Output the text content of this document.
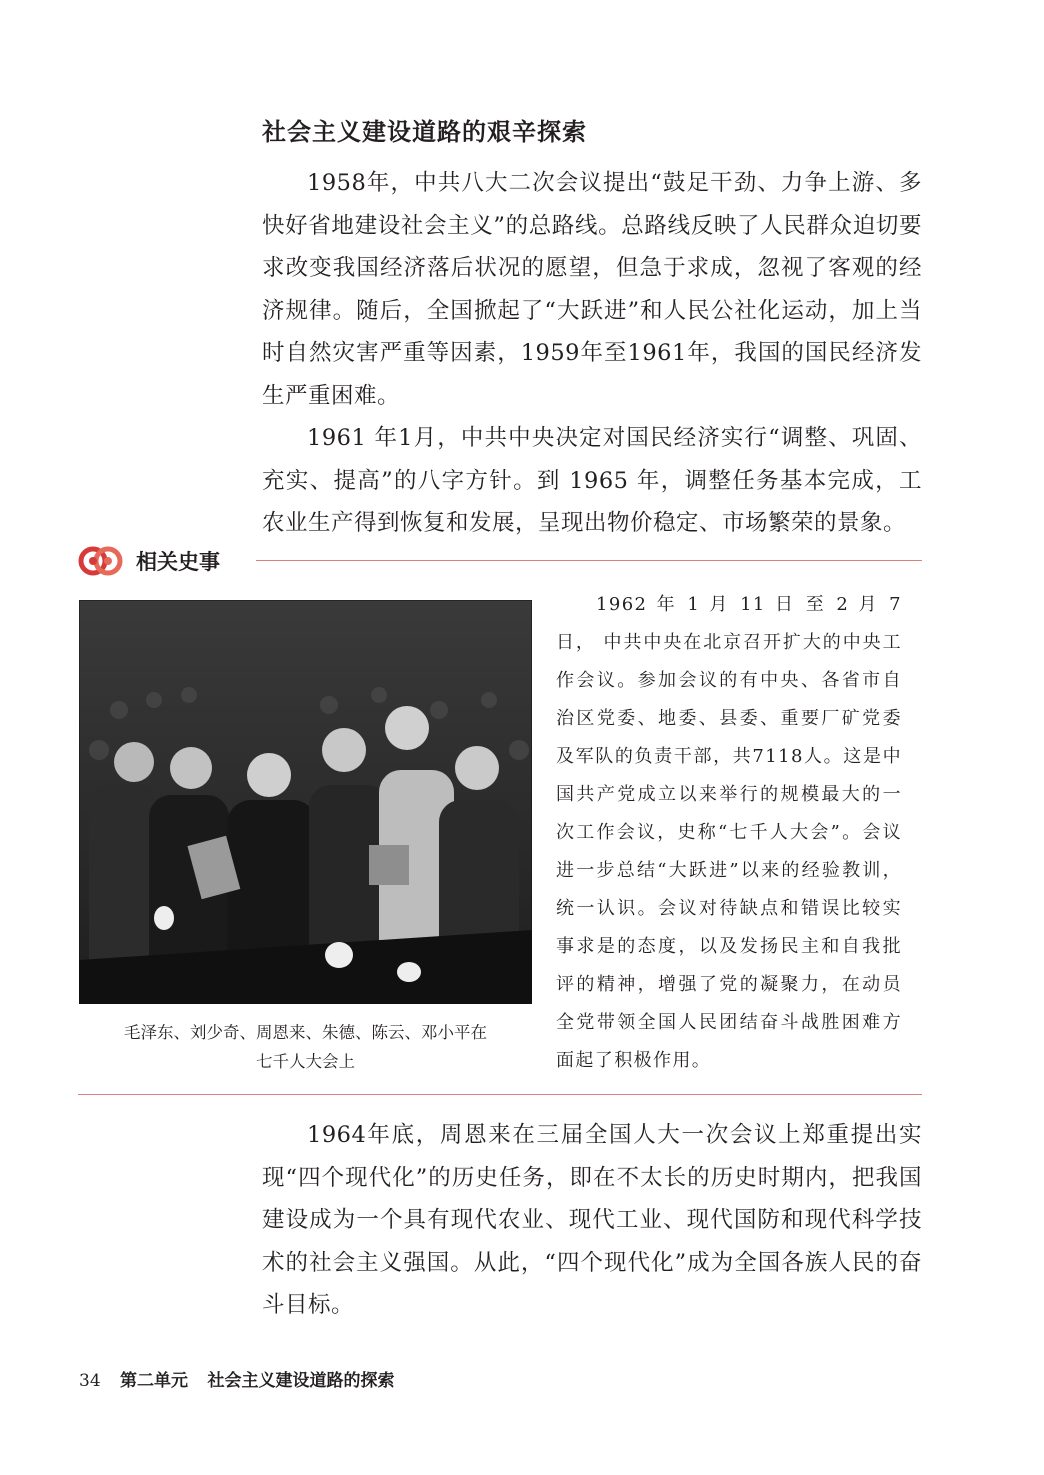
社会主义建设道路的艰辛探索

1958年，中共八大二次会议提出“鼓足干劲、力争上游、多快好省地建设社会主义”的总路线。总路线反映了人民群众迫切要求改变我国经济落后状况的愿望，但急于求成，忽视了客观的经济规律。随后，全国掀起了“大跃进”和人民公社化运动，加上当时自然灾害严重等因素，1959年至1961年，我国的国民经济发生严重困难。

1961 年1月，中共中央决定对国民经济实行“调整、巩固、充实、提高”的八字方针。到 1965 年，调整任务基本完成，工农业生产得到恢复和发展，呈现出物价稳定、市场繁荣的景象。

相关史事

毛泽东、刘少奇、周恩来、朱德、陈云、邓小平在
七千人大会上

1962 年 1 月 11 日 至 2 月 7 日， 中共中央在北京召开扩大的中央工作会议。参加会议的有中央、各省市自治区党委、地委、县委、重要厂矿党委及军队的负责干部，共7118人。这是中国共产党成立以来举行的规模最大的一次工作会议，史称“七千人大会”。会议进一步总结“大跃进”以来的经验教训，统一认识。会议对待缺点和错误比较实事求是的态度，以及发扬民主和自我批评的精神，增强了党的凝聚力，在动员全党带领全国人民团结奋斗战胜困难方面起了积极作用。

1964年底，周恩来在三届全国人大一次会议上郑重提出实现“四个现代化”的历史任务，即在不太长的历史时期内，把我国建设成为一个具有现代农业、现代工业、现代国防和现代科学技术的社会主义强国。从此，“四个现代化”成为全国各族人民的奋斗目标。

34 第二单元 社会主义建设道路的探索
